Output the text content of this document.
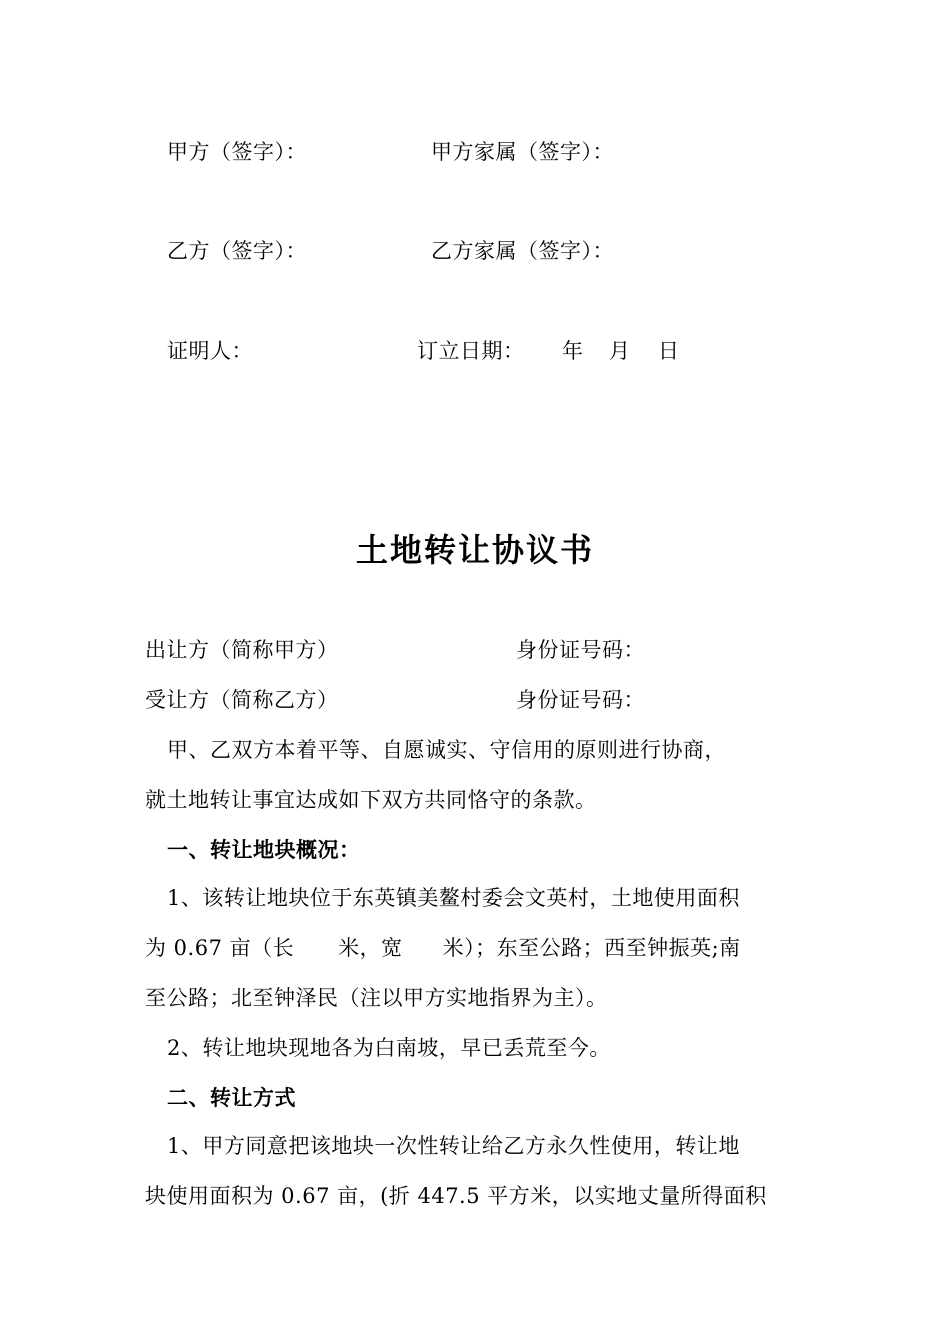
甲方（签字）：	甲方家属（签字）：
乙方（签字）：	乙方家属（签字）：
证明人：	订立日期： 年 月 日
土地转让协议书
出让方（简称甲方）	身份证号码：
受让方（简称乙方）	身份证号码：
甲、乙双方本着平等、自愿诚实、守信用的原则进行协商，
就土地转让事宜达成如下双方共同恪守的条款。
一、转让地块概况：
1、该转让地块位于东英镇美鳌村委会文英村，土地使用面积
为 0.67 亩（长 米，宽 米）；东至公路；西至钟振英;南
至公路；北至钟泽民（注以甲方实地指界为主）。
2、转让地块现地各为白南坡，早已丢荒至今。
二、转让方式
1、甲方同意把该地块一次性转让给乙方永久性使用，转让地
块使用面积为 0.67 亩，(折 447.5 平方米，以实地丈量所得面积
